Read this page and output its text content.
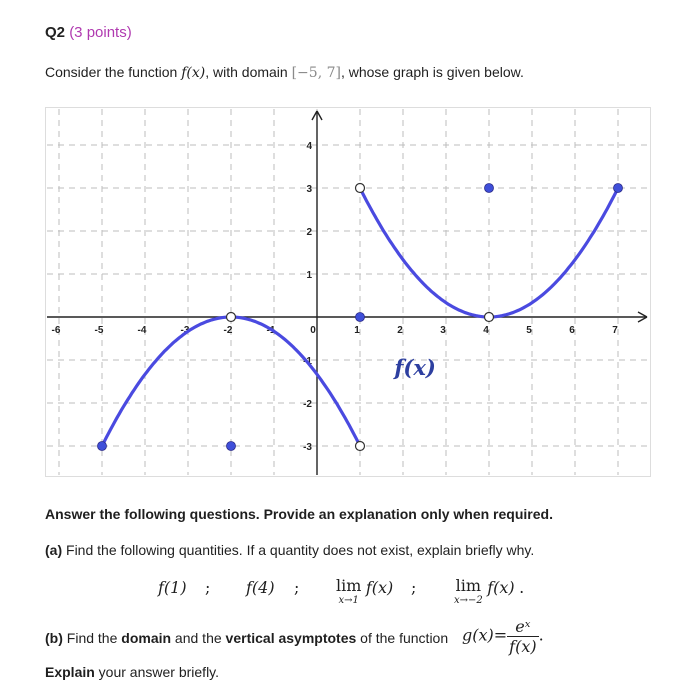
Q2 (3 points)
Consider the function f(x), with domain [−5, 7], whose graph is given below.
-6	-5	-4	-3	-2	-1	0	1	2	3	4	5	6	7
4
3
2
1
-1
-2
-3
f(x)
Answer the following questions. Provide an explanation only when required.
(a) Find the following quantities. If a quantity does not exist, explain briefly why.
f(1) ; f(4) ; lim
x→1
f(x) ; lim
x→−2
f(x) .
(b) Find the domain and the vertical asymptotes of the function $g(x)= \frac{\text{eˣ}}{f(x)}$ .
Explain your answer briefly.
